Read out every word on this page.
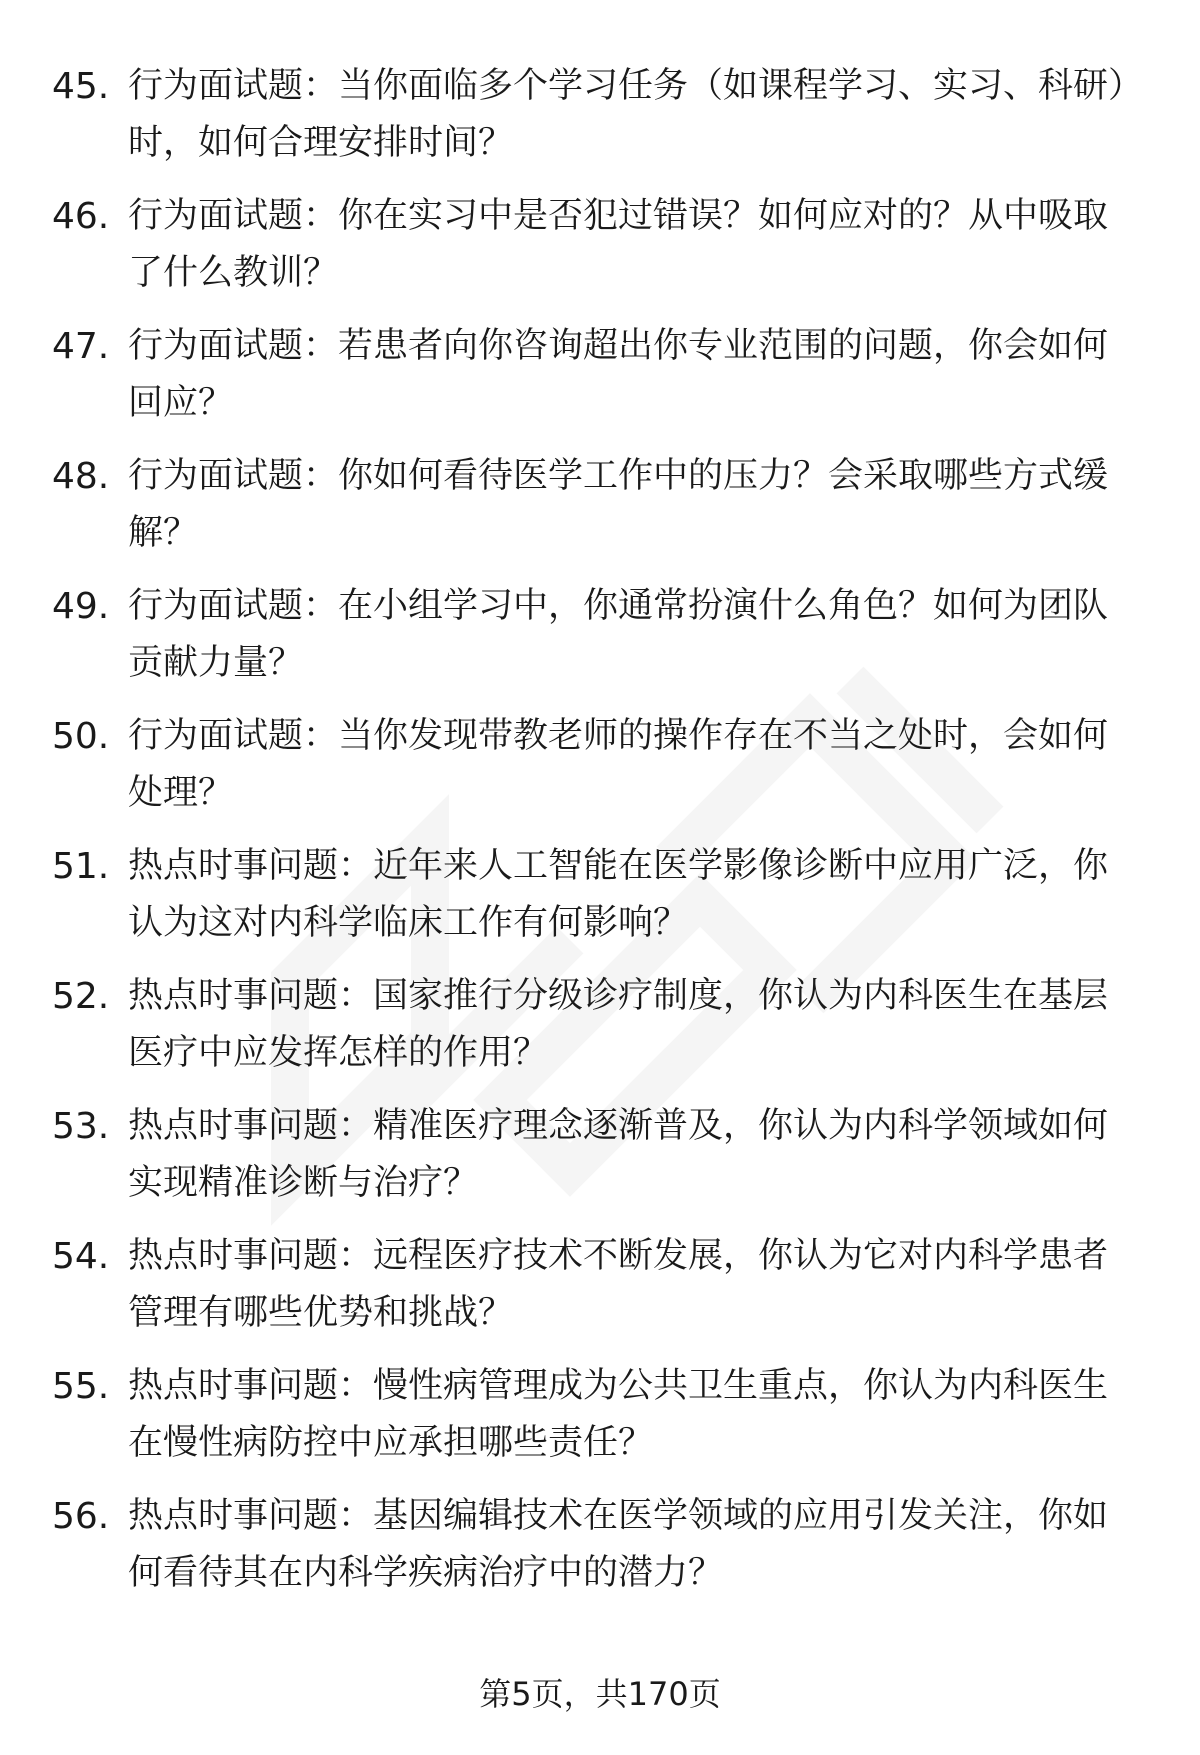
45. 行为面试题：当你面临多个学习任务（如课程学习、实习、科研）时，如何合理安排时间？
46. 行为面试题：你在实习中是否犯过错误？如何应对的？从中吸取了什么教训？
47. 行为面试题：若患者向你咨询超出你专业范围的问题，你会如何回应？
48. 行为面试题：你如何看待医学工作中的压力？会采取哪些方式缓解？
49. 行为面试题：在小组学习中，你通常扮演什么角色？如何为团队贡献力量？
50. 行为面试题：当你发现带教老师的操作存在不当之处时，会如何处理？
51. 热点时事问题：近年来人工智能在医学影像诊断中应用广泛，你认为这对内科学临床工作有何影响？
52. 热点时事问题：国家推行分级诊疗制度，你认为内科医生在基层医疗中应发挥怎样的作用？
53. 热点时事问题：精准医疗理念逐渐普及，你认为内科学领域如何实现精准诊断与治疗？
54. 热点时事问题：远程医疗技术不断发展，你认为它对内科学患者管理有哪些优势和挑战？
55. 热点时事问题：慢性病管理成为公共卫生重点，你认为内科医生在慢性病防控中应承担哪些责任？
56. 热点时事问题：基因编辑技术在医学领域的应用引发关注，你如何看待其在内科学疾病治疗中的潜力？
第5页，共170页
